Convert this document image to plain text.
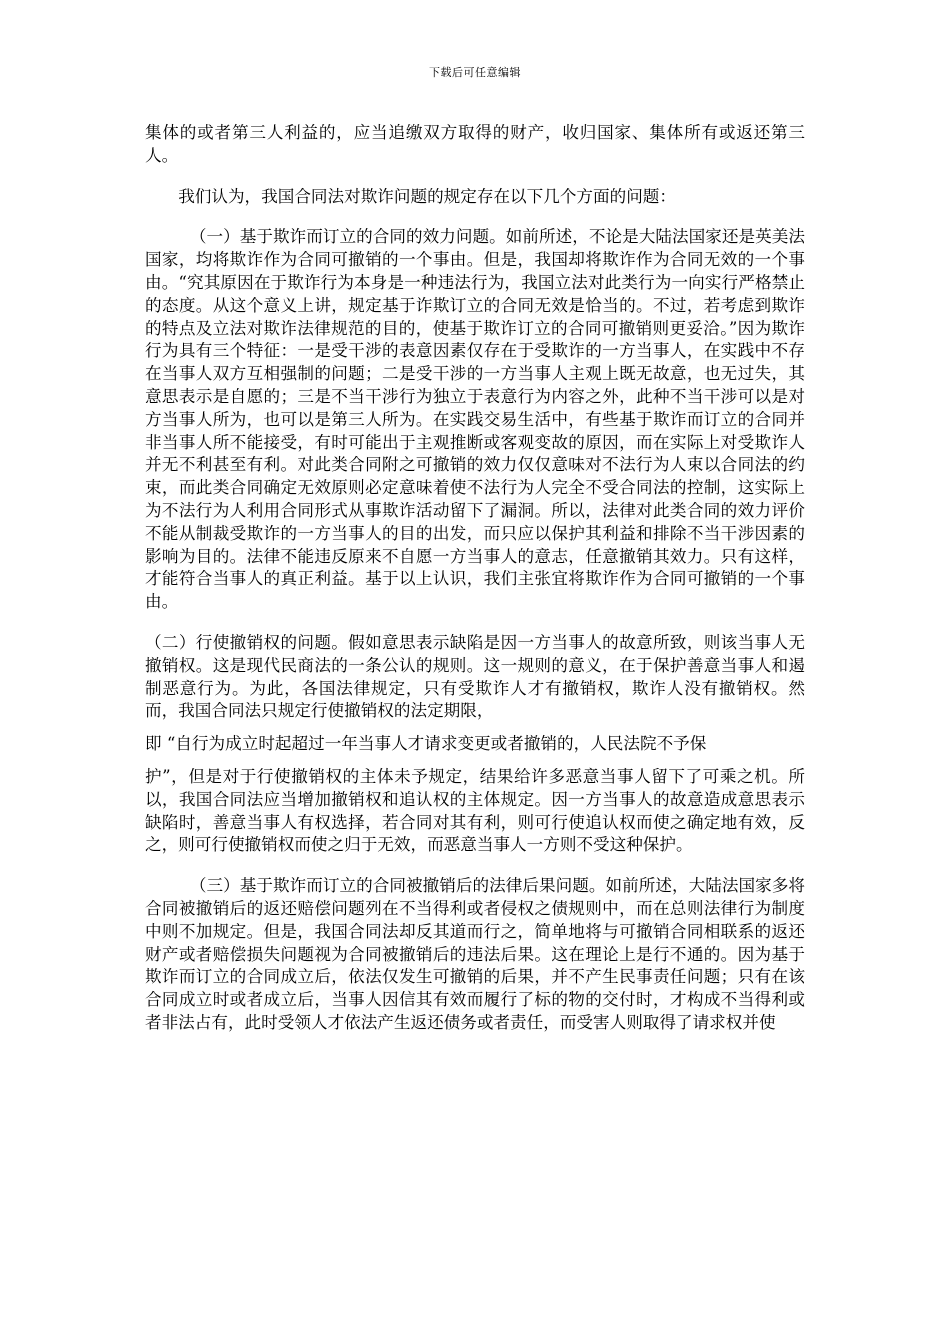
下载后可任意编辑

集体的或者第三人利益的，应当追缴双方取得的财产，收归国家、集体所有或返还第三人。

我们认为，我国合同法对欺诈问题的规定存在以下几个方面的问题：

（一）基于欺诈而订立的合同的效力问题。如前所述，不论是大陆法国家还是英美法国家，均将欺诈作为合同可撤销的一个事由。但是，我国却将欺诈作为合同无效的一个事由。“究其原因在于欺诈行为本身是一种违法行为，我国立法对此类行为一向实行严格禁止的态度。从这个意义上讲，规定基于诈欺订立的合同无效是恰当的。不过，若考虑到欺诈的特点及立法对欺诈法律规范的目的，使基于欺诈订立的合同可撤销则更妥洽。”因为欺诈行为具有三个特征：一是受干涉的表意因素仅存在于受欺诈的一方当事人，在实践中不存在当事人双方互相强制的问题；二是受干涉的一方当事人主观上既无故意，也无过失，其意思表示是自愿的；三是不当干涉行为独立于表意行为内容之外，此种不当干涉可以是对方当事人所为，也可以是第三人所为。在实践交易生活中，有些基于欺诈而订立的合同并非当事人所不能接受，有时可能出于主观推断或客观变故的原因，而在实际上对受欺诈人并无不利甚至有利。对此类合同附之可撤销的效力仅仅意味对不法行为人束以合同法的约束，而此类合同确定无效原则必定意味着使不法行为人完全不受合同法的控制，这实际上为不法行为人利用合同形式从事欺诈活动留下了漏洞。所以，法律对此类合同的效力评价不能从制裁受欺诈的一方当事人的目的出发，而只应以保护其利益和排除不当干涉因素的影响为目的。法律不能违反原来不自愿一方当事人的意志，任意撤销其效力。只有这样，才能符合当事人的真正利益。基于以上认识，我们主张宜将欺诈作为合同可撤销的一个事由。

（二）行使撤销权的问题。假如意思表示缺陷是因一方当事人的故意所致，则该当事人无撤销权。这是现代民商法的一条公认的规则。这一规则的意义，在于保护善意当事人和遏制恶意行为。为此，各国法律规定，只有受欺诈人才有撤销权，欺诈人没有撤销权。然而，我国合同法只规定行使撤销权的法定期限，

即 “自行为成立时起超过一年当事人才请求变更或者撤销的，人民法院不予保

护”，但是对于行使撤销权的主体未予规定，结果给许多恶意当事人留下了可乘之机。所以，我国合同法应当增加撤销权和追认权的主体规定。因一方当事人的故意造成意思表示缺陷时，善意当事人有权选择，若合同对其有利，则可行使追认权而使之确定地有效，反之，则可行使撤销权而使之归于无效，而恶意当事人一方则不受这种保护。

（三）基于欺诈而订立的合同被撤销后的法律后果问题。如前所述，大陆法国家多将合同被撤销后的返还赔偿问题列在不当得利或者侵权之债规则中，而在总则法律行为制度中则不加规定。但是，我国合同法却反其道而行之，简单地将与可撤销合同相联系的返还财产或者赔偿损失问题视为合同被撤销后的违法后果。这在理论上是行不通的。因为基于欺诈而订立的合同成立后，依法仅发生可撤销的后果，并不产生民事责任问题；只有在该合同成立时或者成立后，当事人因信其有效而履行了标的物的交付时，才构成不当得利或者非法占有，此时受领人才依法产生返还债务或者责任，而受害人则取得了请求权并使
